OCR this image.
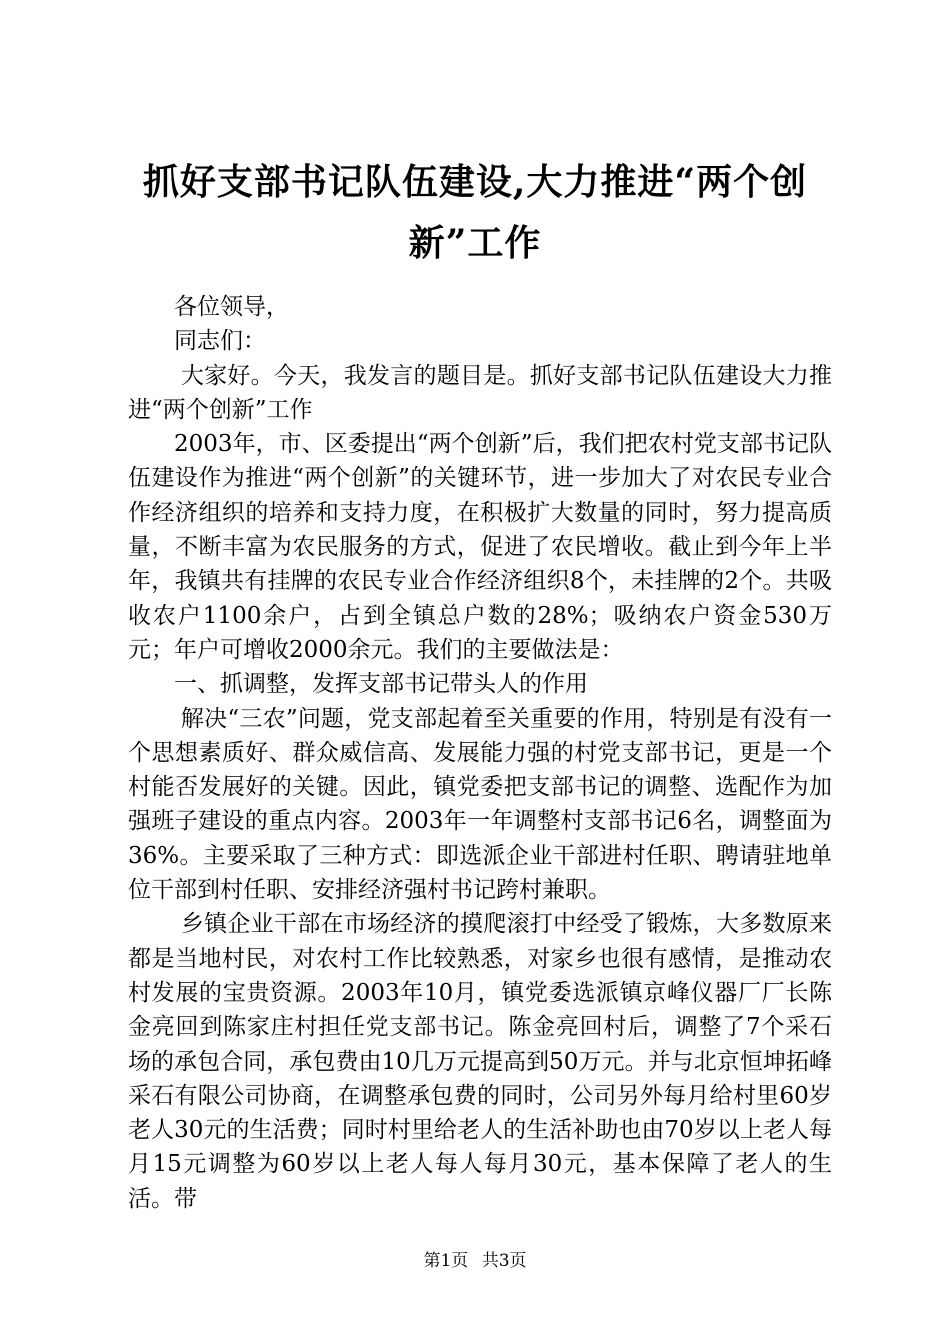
抓好支部书记队伍建设,大力推进“两个创
新”工作

各位领导，

同志们：

大家好。今天，我发言的题目是。抓好支部书记队伍建设大力推进“两个创新”工作

2003年，市、区委提出“两个创新”后，我们把农村党支部书记队伍建设作为推进“两个创新”的关键环节，进一步加大了对农民专业合作经济组织的培养和支持力度，在积极扩大数量的同时，努力提高质量，不断丰富为农民服务的方式，促进了农民增收。截止到今年上半年，我镇共有挂牌的农民专业合作经济组织8个，未挂牌的2个。共吸收农户1100余户，占到全镇总户数的28%；吸纳农户资金530万元；年户可增收2000余元。我们的主要做法是：

一、抓调整，发挥支部书记带头人的作用

解决“三农”问题，党支部起着至关重要的作用，特别是有没有一个思想素质好、群众威信高、发展能力强的村党支部书记，更是一个村能否发展好的关键。因此，镇党委把支部书记的调整、选配作为加强班子建设的重点内容。2003年一年调整村支部书记6名，调整面为36%。主要采取了三种方式：即选派企业干部进村任职、聘请驻地单位干部到村任职、安排经济强村书记跨村兼职。

乡镇企业干部在市场经济的摸爬滚打中经受了锻炼，大多数原来都是当地村民，对农村工作比较熟悉，对家乡也很有感情，是推动农村发展的宝贵资源。2003年10月，镇党委选派镇京峰仪器厂厂长陈金亮回到陈家庄村担任党支部书记。陈金亮回村后，调整了7个采石场的承包合同，承包费由10几万元提高到50万元。并与北京恒坤拓峰采石有限公司协商，在调整承包费的同时，公司另外每月给村里60岁老人30元的生活费；同时村里给老人的生活补助也由70岁以上老人每月15元调整为60岁以上老人每人每月30元，基本保障了老人的生活。带

第1页 共3页
